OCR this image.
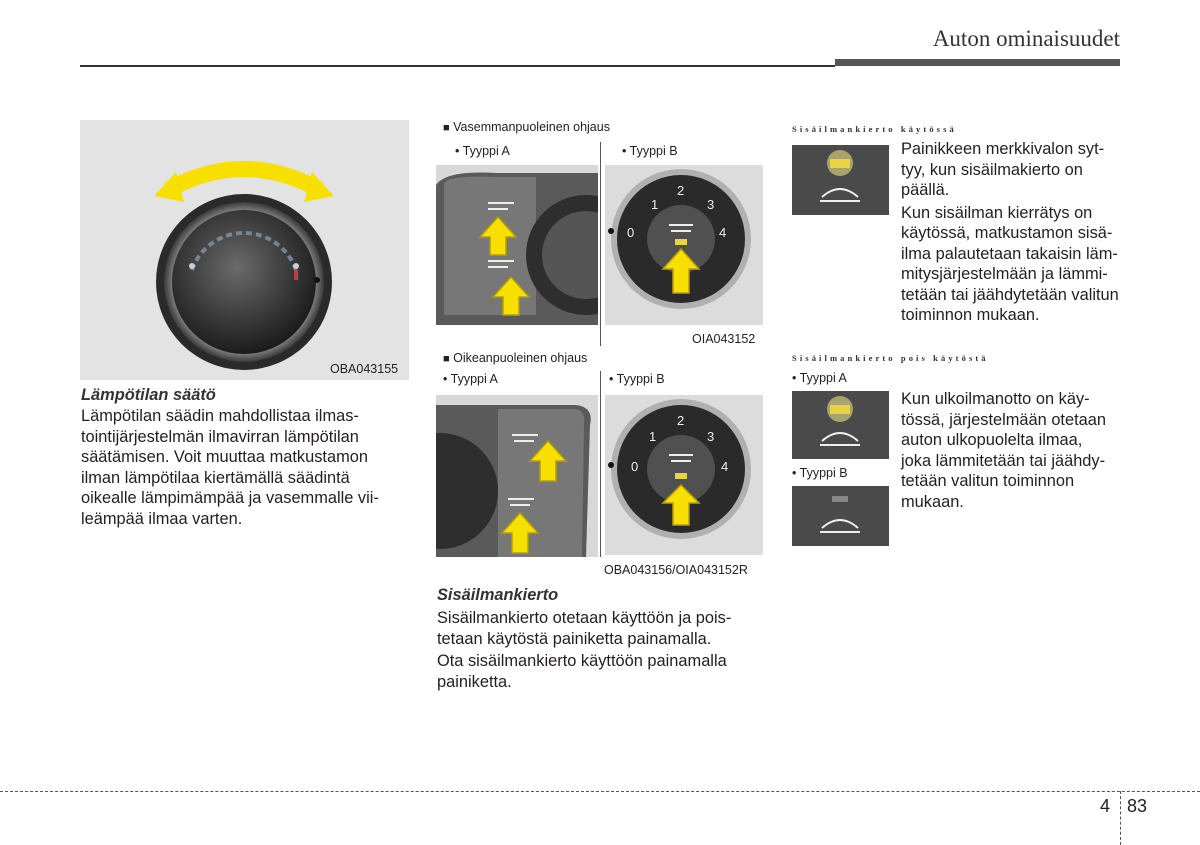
Auton ominaisuudet
OBA043155
Lämpötilan säätö
Lämpötilan säädin mahdollistaa ilmas-
tointijärjestelmän ilmavirran lämpötilan
säätämisen. Voit muuttaa matkustamon
ilman lämpötilaa kiertämällä säädintä
oikealle lämpimämpää ja vasemmalle vii-
leämpää ilmaa varten.
■ Vasemmanpuoleinen ohjaus
• Tyyppi A	• Tyyppi B
2
1	3
0	4
OIA043152
■ Oikeanpuoleinen ohjaus
• Tyyppi A	• Tyyppi B
2
1	3
0	4
OBA043156/OIA043152R
Sisäilmankierto
Sisäilmankierto otetaan käyttöön ja pois-
tetaan käytöstä painiketta painamalla.
Ota sisäilmankierto käyttöön painamalla
painiketta.
Sisäilmankierto käytössä
Painikkeen merkkivalon syt-
tyy, kun sisäilmakierto on
päällä.
Kun sisäilman kierrätys on
käytössä, matkustamon sisä-
ilma palautetaan takaisin läm-
mitysjärjestelmään ja lämmi-
tetään tai jäähdytetään valitun
toiminnon mukaan.
Sisäilmankierto pois käytöstä
• Tyyppi A
• Tyyppi B
Kun ulkoilmanotto on käy-
tössä, järjestelmään otetaan
auton ulkopuolelta ilmaa,
joka lämmitetään tai jäähdy-
tetään valitun toiminnon
mukaan.
4 83
